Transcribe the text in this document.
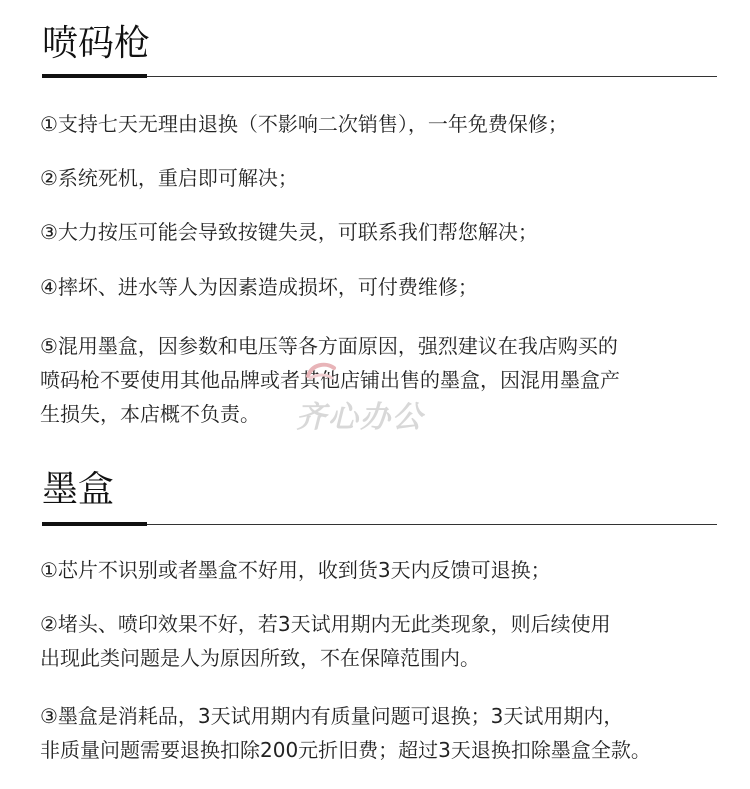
喷码枪

①支持七天无理由退换（不影响二次销售），一年免费保修；

②系统死机，重启即可解决；

③大力按压可能会导致按键失灵，可联系我们帮您解决；

④摔坏、进水等人为因素造成损坏，可付费维修；

⑤混用墨盒，因参数和电压等各方面原因，强烈建议在我店购买的
喷码枪不要使用其他品牌或者其他店铺出售的墨盒，因混用墨盒产
生损失，本店概不负责。	齐心办公
墨盒

①芯片不识别或者墨盒不好用，收到货3天内反馈可退换；

②堵头、喷印效果不好，若3天试用期内无此类现象，则后续使用
出现此类问题是人为原因所致，不在保障范围内。

③墨盒是消耗品，3天试用期内有质量问题可退换；3天试用期内，
非质量问题需要退换扣除200元折旧费；超过3天退换扣除墨盒全款。
